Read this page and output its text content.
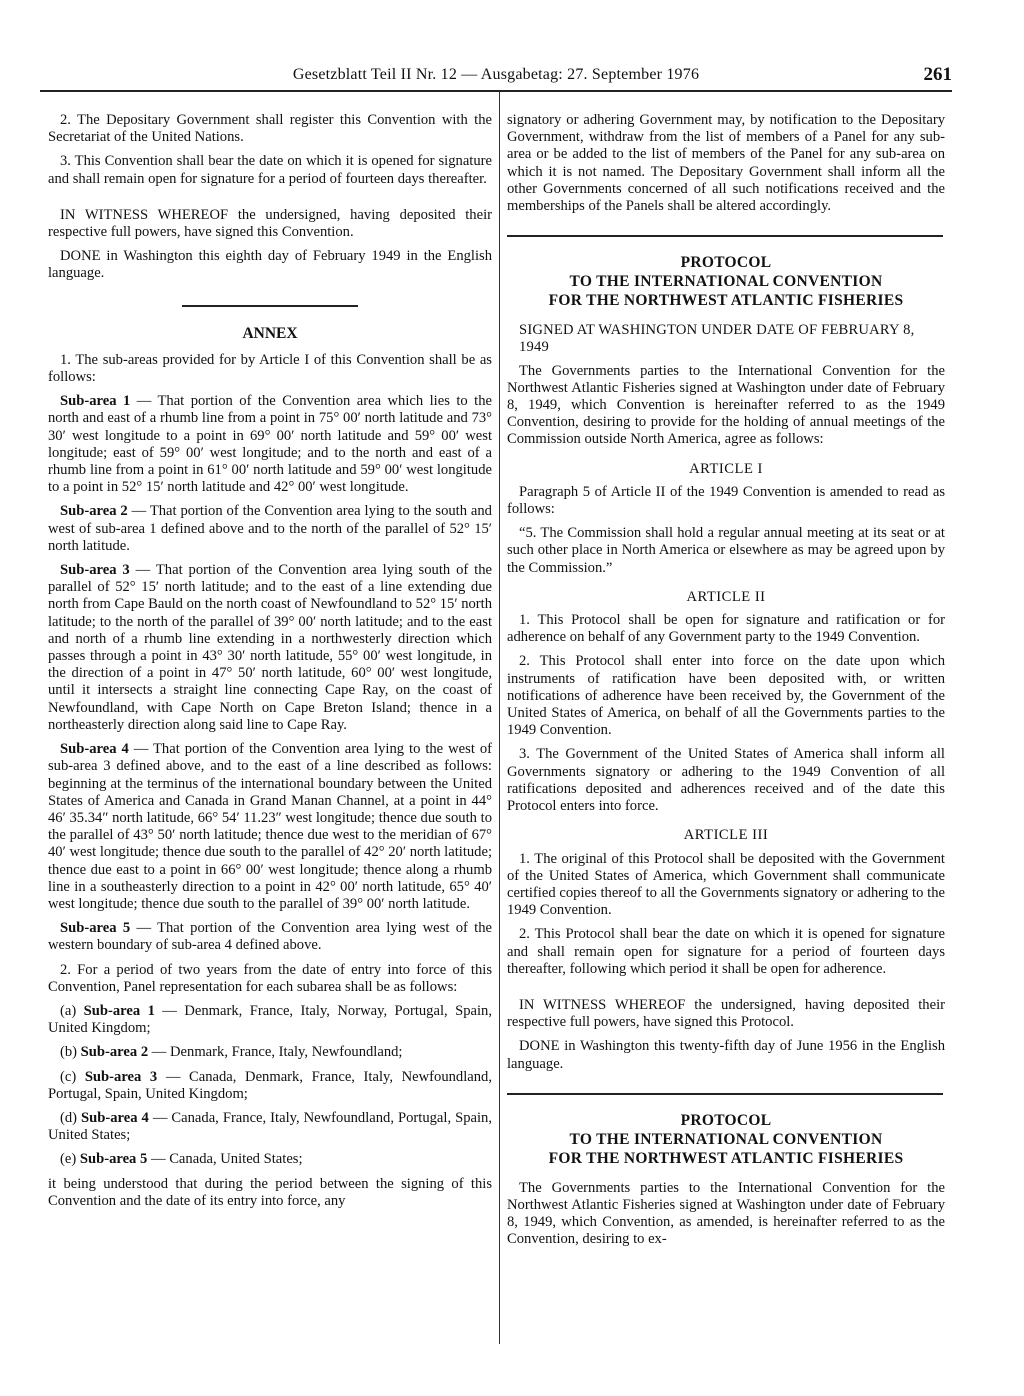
Gesetzblatt Teil II Nr. 12 — Ausgabetag: 27. September 1976	261

2. The Depositary Government shall register this Convention with the Secretariat of the United Nations.

3. This Convention shall bear the date on which it is opened for signature and shall remain open for signature for a period of fourteen days thereafter.

IN WITNESS WHEREOF the undersigned, having deposited their respective full powers, have signed this Convention.

DONE in Washington this eighth day of February 1949 in the English language.

ANNEX

1. The sub-areas provided for by Article I of this Convention shall be as follows:

Sub-area 1 — That portion of the Convention area which lies to the north and east of a rhumb line from a point in 75° 00′ north latitude and 73° 30′ west longitude to a point in 69° 00′ north latitude and 59° 00′ west longitude; east of 59° 00′ west longitude; and to the north and east of a rhumb line from a point in 61° 00′ north latitude and 59° 00′ west longitude to a point in 52° 15′ north latitude and 42° 00′ west longitude.

Sub-area 2 — That portion of the Convention area lying to the south and west of sub-area 1 defined above and to the north of the parallel of 52° 15′ north latitude.

Sub-area 3 — That portion of the Convention area lying south of the parallel of 52° 15′ north latitude; and to the east of a line extending due north from Cape Bauld on the north coast of Newfoundland to 52° 15′ north latitude; to the north of the parallel of 39° 00′ north latitude; and to the east and north of a rhumb line extending in a northwesterly direction which passes through a point in 43° 30′ north latitude, 55° 00′ west longitude, in the direction of a point in 47° 50′ north latitude, 60° 00′ west longitude, until it intersects a straight line connecting Cape Ray, on the coast of Newfoundland, with Cape North on Cape Breton Island; thence in a northeasterly direction along said line to Cape Ray.

Sub-area 4 — That portion of the Convention area lying to the west of sub-area 3 defined above, and to the east of a line described as follows: beginning at the terminus of the international boundary between the United States of America and Canada in Grand Manan Channel, at a point in 44° 46′ 35.34″ north latitude, 66° 54′ 11.23″ west longitude; thence due south to the parallel of 43° 50′ north latitude; thence due west to the meridian of 67° 40′ west longitude; thence due south to the parallel of 42° 20′ north latitude; thence due east to a point in 66° 00′ west longitude; thence along a rhumb line in a southeasterly direction to a point in 42° 00′ north latitude, 65° 40′ west longitude; thence due south to the parallel of 39° 00′ north latitude.

Sub-area 5 — That portion of the Convention area lying west of the western boundary of sub-area 4 defined above.

2. For a period of two years from the date of entry into force of this Convention, Panel representation for each subarea shall be as follows:

(a) Sub-area 1 — Denmark, France, Italy, Norway, Portugal, Spain, United Kingdom;

(b) Sub-area 2 — Denmark, France, Italy, Newfoundland;

(c) Sub-area 3 — Canada, Denmark, France, Italy, Newfoundland, Portugal, Spain, United Kingdom;

(d) Sub-area 4 — Canada, France, Italy, Newfoundland, Portugal, Spain, United States;

(e) Sub-area 5 — Canada, United States;

it being understood that during the period between the signing of this Convention and the date of its entry into force, any

signatory or adhering Government may, by notification to the Depositary Government, withdraw from the list of members of a Panel for any sub-area or be added to the list of members of the Panel for any sub-area on which it is not named. The Depositary Government shall inform all the other Governments concerned of all such notifications received and the memberships of the Panels shall be altered accordingly.

PROTOCOL

TO THE INTERNATIONAL CONVENTION

FOR THE NORTHWEST ATLANTIC FISHERIES

SIGNED AT WASHINGTON UNDER DATE OF FEBRUARY 8, 1949

The Governments parties to the International Convention for the Northwest Atlantic Fisheries signed at Washington under date of February 8, 1949, which Convention is hereinafter referred to as the 1949 Convention, desiring to provide for the holding of annual meetings of the Commission outside North America, agree as follows:

ARTICLE I

Paragraph 5 of Article II of the 1949 Convention is amended to read as follows:

“5. The Commission shall hold a regular annual meeting at its seat or at such other place in North America or elsewhere as may be agreed upon by the Commission.”

ARTICLE II

1. This Protocol shall be open for signature and ratification or for adherence on behalf of any Government party to the 1949 Convention.

2. This Protocol shall enter into force on the date upon which instruments of ratification have been deposited with, or written notifications of adherence have been received by, the Government of the United States of America, on behalf of all the Governments parties to the 1949 Convention.

3. The Government of the United States of America shall inform all Governments signatory or adhering to the 1949 Convention of all ratifications deposited and adherences received and of the date this Protocol enters into force.

ARTICLE III

1. The original of this Protocol shall be deposited with the Government of the United States of America, which Government shall communicate certified copies thereof to all the Governments signatory or adhering to the 1949 Convention.

2. This Protocol shall bear the date on which it is opened for signature and shall remain open for signature for a period of fourteen days thereafter, following which period it shall be open for adherence.

IN WITNESS WHEREOF the undersigned, having deposited their respective full powers, have signed this Protocol.

DONE in Washington this twenty-fifth day of June 1956 in the English language.

PROTOCOL

TO THE INTERNATIONAL CONVENTION

FOR THE NORTHWEST ATLANTIC FISHERIES

The Governments parties to the International Convention for the Northwest Atlantic Fisheries signed at Washington under date of February 8, 1949, which Convention, as amended, is hereinafter referred to as the Convention, desiring to ex-
